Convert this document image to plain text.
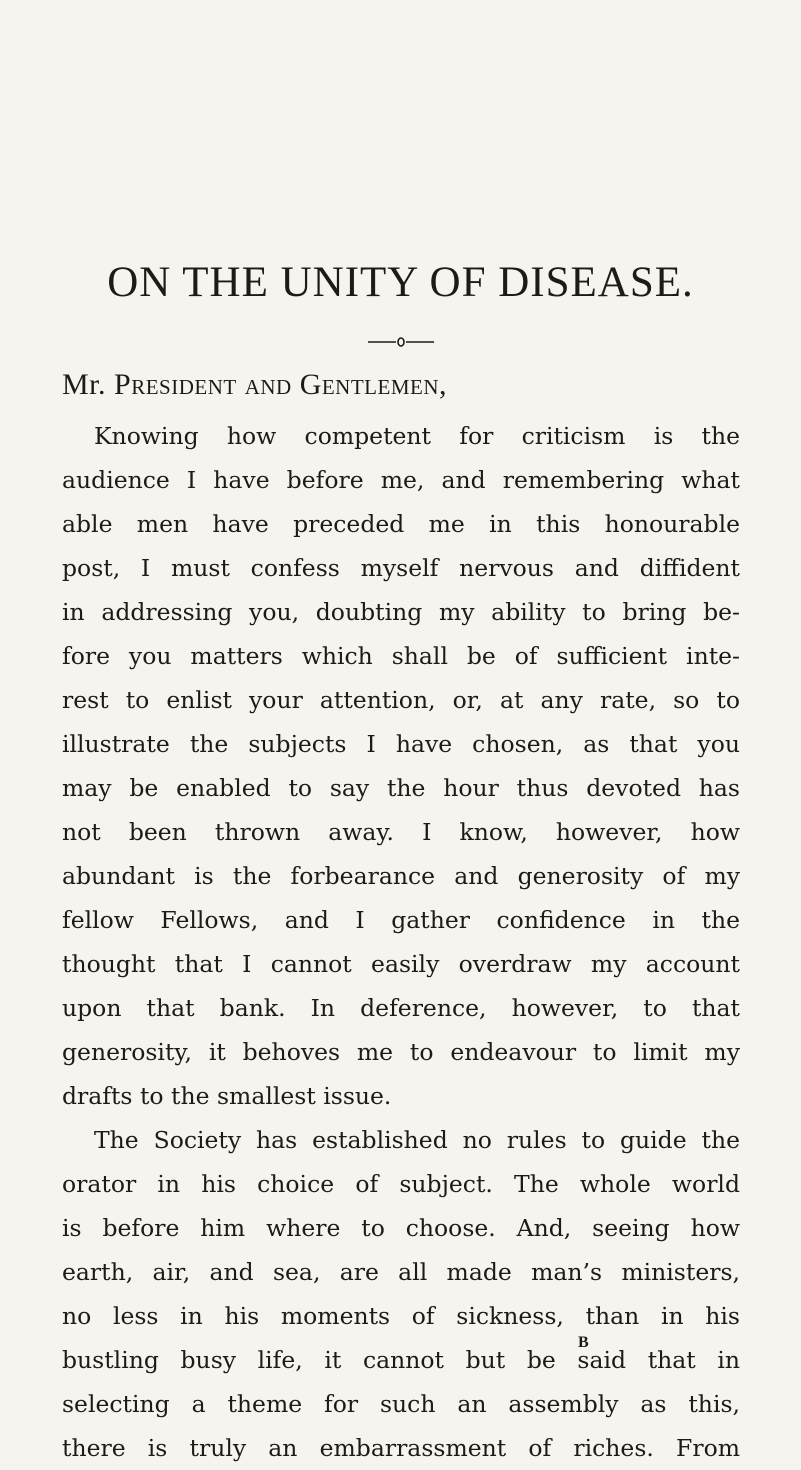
ON THE UNITY OF DISEASE.

Mr. President and Gentlemen,

Knowing how competent for criticism is the
audience I have before me, and remembering what
able men have preceded me in this honourable
post, I must confess myself nervous and diffident
in addressing you, doubting my ability to bring be-
fore you matters which shall be of sufficient inte-
rest to enlist your attention, or, at any rate, so to
illustrate the subjects I have chosen, as that you
may be enabled to say the hour thus devoted has
not been thrown away. I know, however, how
abundant is the forbearance and generosity of my
fellow Fellows, and I gather confidence in the
thought that I cannot easily overdraw my account
upon that bank. In deference, however, to that
generosity, it behoves me to endeavour to limit my
drafts to the smallest issue.
The Society has established no rules to guide the
orator in his choice of subject. The whole world
is before him where to choose. And, seeing how
earth, air, and sea, are all made man’s ministers,
no less in his moments of sickness, than in his
bustling busy life, it cannot but be said that in
selecting a theme for such an assembly as this,
there is truly an embarrassment of riches. From
B
